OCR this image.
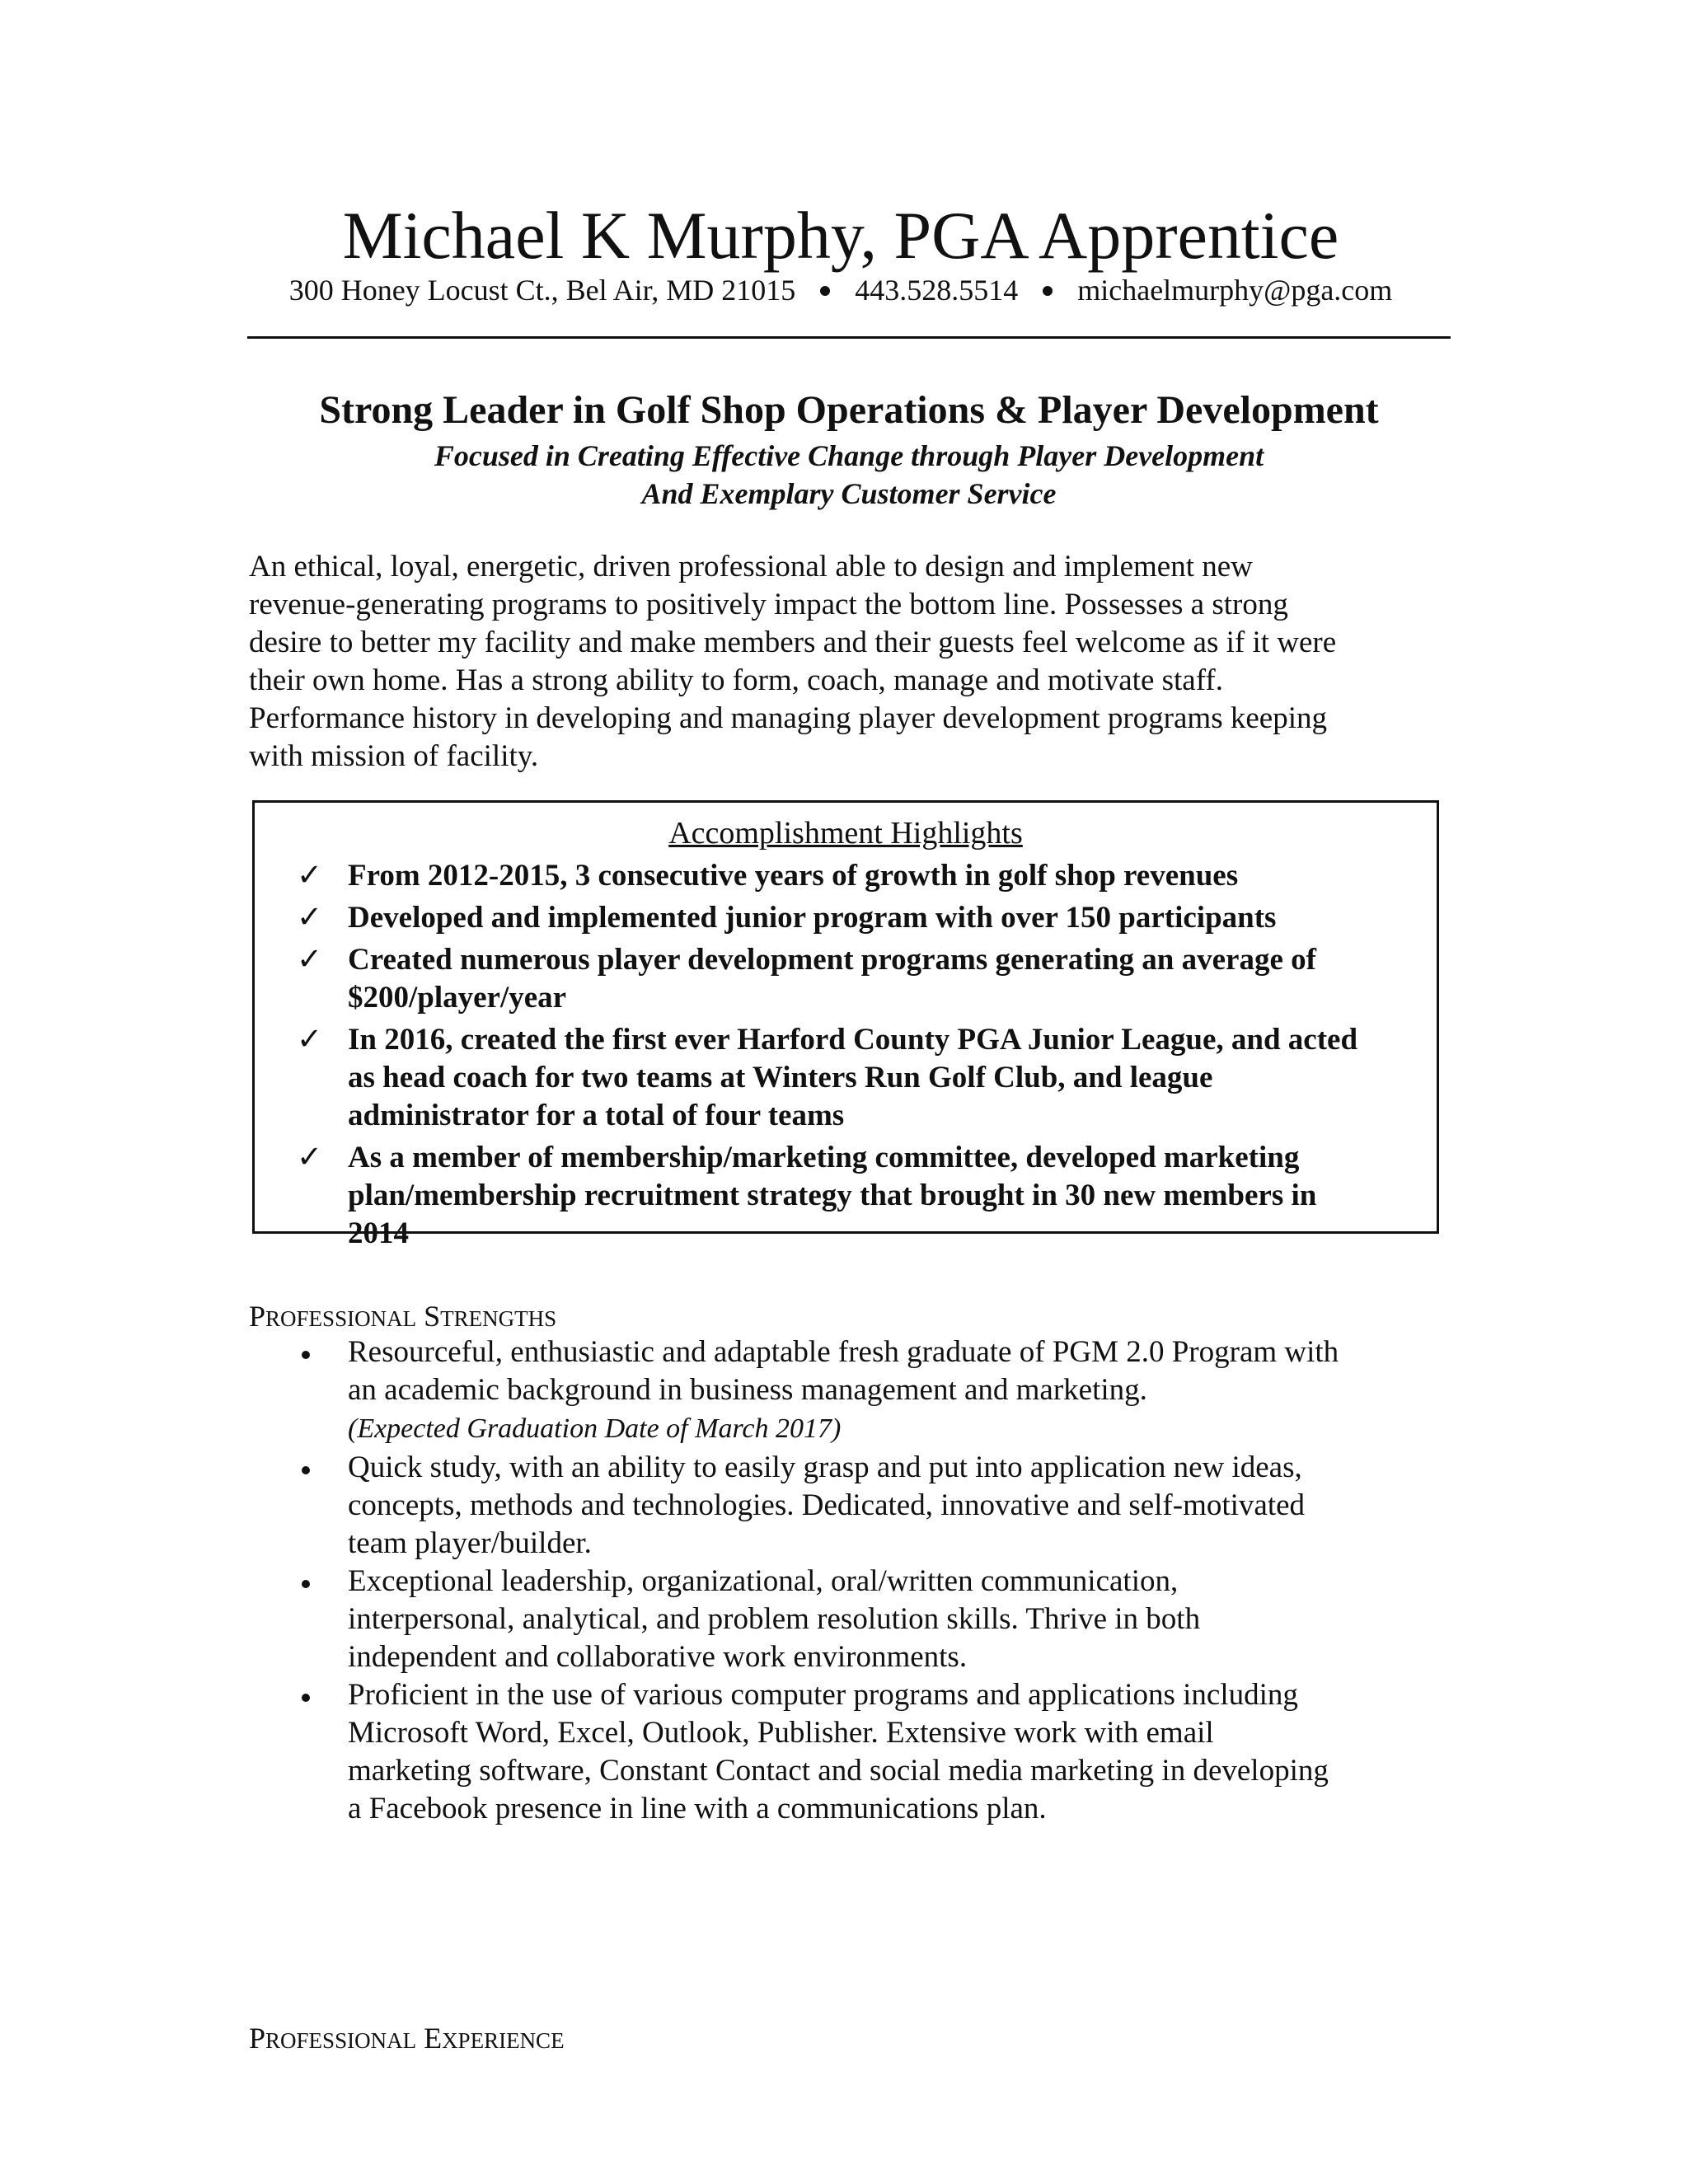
Michael K Murphy, PGA Apprentice
300 Honey Locust Ct., Bel Air, MD 21015 443.528.5514 michaelmurphy@pga.com
Strong Leader in Golf Shop Operations & Player Development
Focused in Creating Effective Change through Player Development
And Exemplary Customer Service
An ethical, loyal, energetic, driven professional able to design and implement new
revenue-generating programs to positively impact the bottom line. Possesses a strong
desire to better my facility and make members and their guests feel welcome as if it were
their own home. Has a strong ability to form, coach, manage and motivate staff.
Performance history in developing and managing player development programs keeping
with mission of facility.
Accomplishment Highlights
✓ From 2012-2015, 3 consecutive years of growth in golf shop revenues
✓ Developed and implemented junior program with over 150 participants
✓ Created numerous player development programs generating an average of
$200/player/year
✓ In 2016, created the first ever Harford County PGA Junior League, and acted
as head coach for two teams at Winters Run Golf Club, and league
administrator for a total of four teams
✓ As a member of membership/marketing committee, developed marketing
plan/membership recruitment strategy that brought in 30 new members in
2014
PROFESSIONAL STRENGTHS
Resourceful, enthusiastic and adaptable fresh graduate of PGM 2.0 Program with
an academic background in business management and marketing.
(Expected Graduation Date of March 2017)
Quick study, with an ability to easily grasp and put into application new ideas,
concepts, methods and technologies. Dedicated, innovative and self-motivated
team player/builder.
Exceptional leadership, organizational, oral/written communication,
interpersonal, analytical, and problem resolution skills. Thrive in both
independent and collaborative work environments.
Proficient in the use of various computer programs and applications including
Microsoft Word, Excel, Outlook, Publisher. Extensive work with email
marketing software, Constant Contact and social media marketing in developing
a Facebook presence in line with a communications plan.
PROFESSIONAL EXPERIENCE
